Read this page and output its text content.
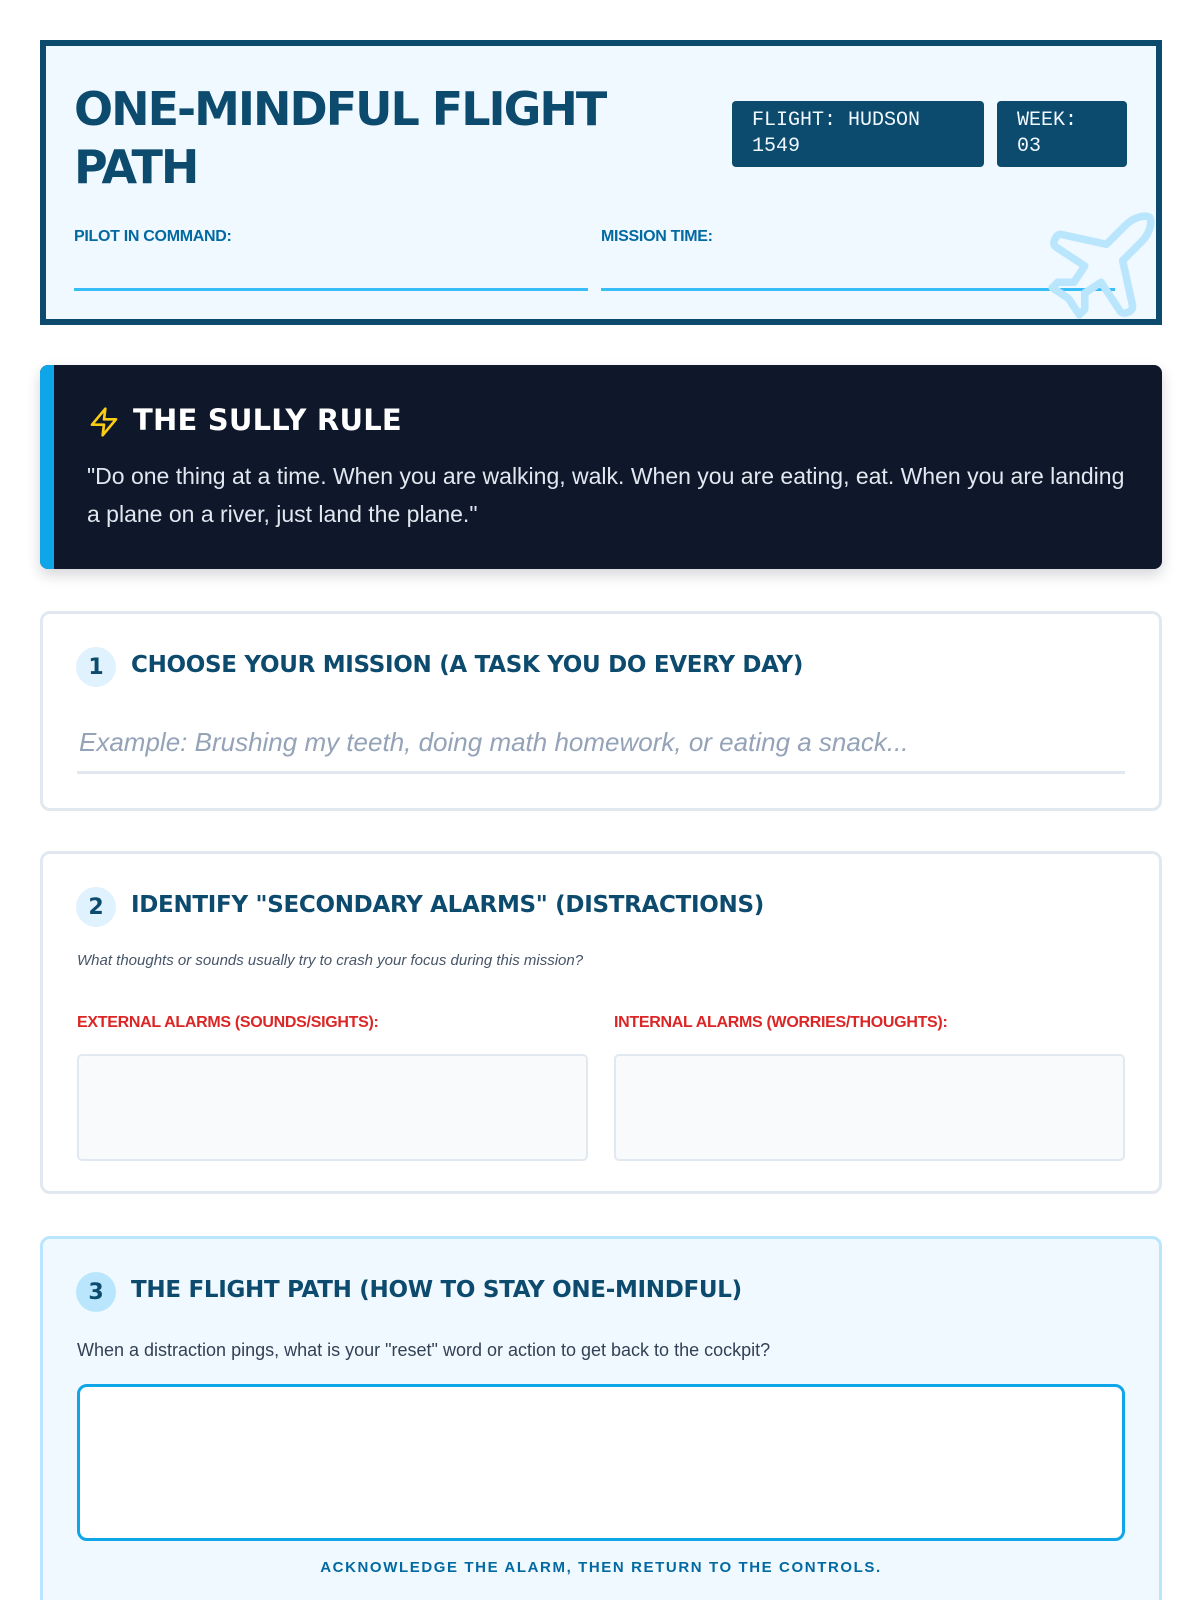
ONE-MINDFUL FLIGHT PATH
FLIGHT: HUDSON 1549
WEEK: 03
PILOT IN COMMAND:	MISSION TIME:
THE SULLY RULE
"Do one thing at a time. When you are walking, walk. When you are eating, eat. When you are landing a plane on a river, just land the plane."
1	CHOOSE YOUR MISSION (A TASK YOU DO EVERY DAY)
Example: Brushing my teeth, doing math homework, or eating a snack...
2	IDENTIFY "SECONDARY ALARMS" (DISTRACTIONS)
What thoughts or sounds usually try to crash your focus during this mission?
EXTERNAL ALARMS (SOUNDS/SIGHTS):	INTERNAL ALARMS (WORRIES/THOUGHTS):
3	THE FLIGHT PATH (HOW TO STAY ONE-MINDFUL)
When a distraction pings, what is your "reset" word or action to get back to the cockpit?
ACKNOWLEDGE THE ALARM, THEN RETURN TO THE CONTROLS.
